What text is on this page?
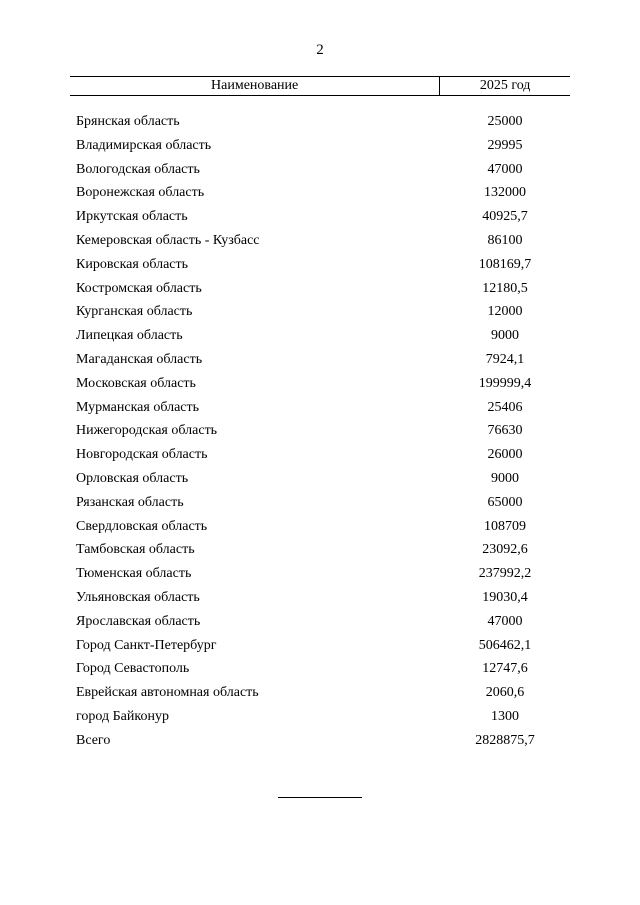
2
Наименование	2025 год
Брянская область	25000
Владимирская область	29995
Вологодская область	47000
Воронежская область	132000
Иркутская область	40925,7
Кемеровская область - Кузбасс	86100
Кировская область	108169,7
Костромская область	12180,5
Курганская область	12000
Липецкая область	9000
Магаданская область	7924,1
Московская область	199999,4
Мурманская область	25406
Нижегородская область	76630
Новгородская область	26000
Орловская область	9000
Рязанская область	65000
Свердловская область	108709
Тамбовская область	23092,6
Тюменская область	237992,2
Ульяновская область	19030,4
Ярославская область	47000
Город Санкт-Петербург	506462,1
Город Севастополь	12747,6
Еврейская автономная область	2060,6
город Байконур	1300
Всего	2828875,7
